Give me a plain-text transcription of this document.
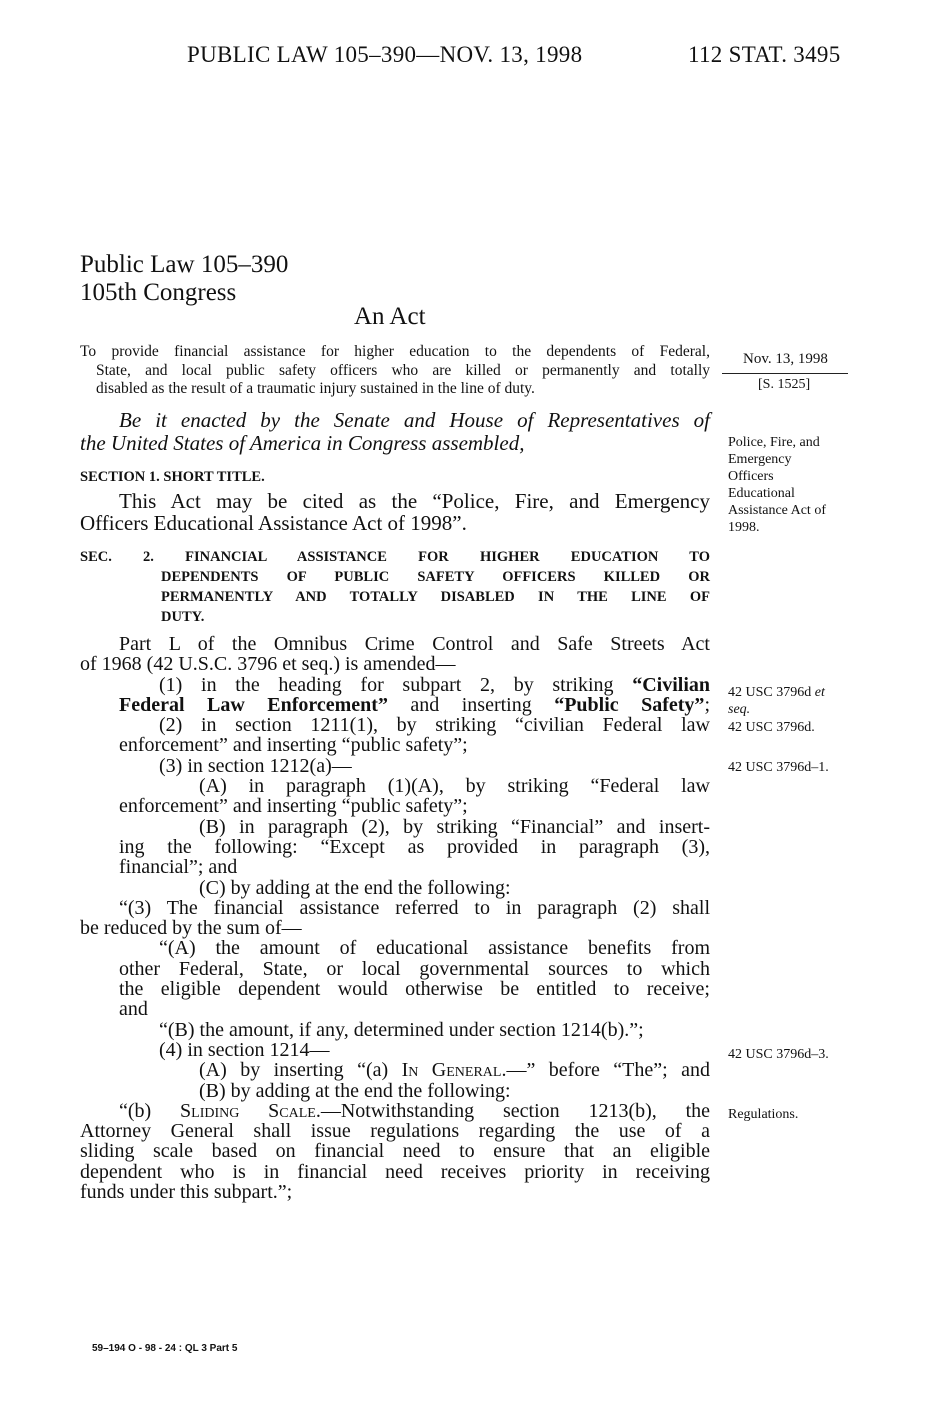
PUBLIC LAW 105–390—NOV. 13, 1998	112 STAT. 3495
Public Law 105–390
105th Congress
An Act
To provide financial assistance for higher education to the dependents of Federal,
State, and local public safety officers who are killed or permanently and totally
disabled as the result of a traumatic injury sustained in the line of duty.
Nov. 13, 1998
[S. 1525]
Police, Fire, and
Emergency
Officers
Educational
Assistance Act of
1998.
42 USC 3796d et
seq.
42 USC 3796d.
42 USC 3796d–1.
42 USC 3796d–3.
Regulations.
Be it enacted by the Senate and House of Representatives of
the United States of America in Congress assembled,
SECTION 1. SHORT TITLE.
This Act may be cited as the “Police, Fire, and Emergency
Officers Educational Assistance Act of 1998”.
SEC. 2. FINANCIAL ASSISTANCE FOR HIGHER EDUCATION TO
DEPENDENTS OF PUBLIC SAFETY OFFICERS KILLED OR
PERMANENTLY AND TOTALLY DISABLED IN THE LINE OF
DUTY.
Part L of the Omnibus Crime Control and Safe Streets Act
of 1968 (42 U.S.C. 3796 et seq.) is amended—
(1) in the heading for subpart 2, by striking “Civilian
Federal Law Enforcement” and inserting “Public Safety”;
(2) in section 1211(1), by striking “civilian Federal law
enforcement” and inserting “public safety”;
(3) in section 1212(a)—
(A) in paragraph (1)(A), by striking “Federal law
enforcement” and inserting “public safety”;
(B) in paragraph (2), by striking “Financial” and insert-
ing the following: “Except as provided in paragraph (3),
financial”; and
(C) by adding at the end the following:
“(3) The financial assistance referred to in paragraph (2) shall
be reduced by the sum of—
“(A) the amount of educational assistance benefits from
other Federal, State, or local governmental sources to which
the eligible dependent would otherwise be entitled to receive;
and
“(B) the amount, if any, determined under section 1214(b).”;
(4) in section 1214—
(A) by inserting “(a) In General.—” before “The”; and
(B) by adding at the end the following:
“(b) Sliding Scale.—Notwithstanding section 1213(b), the
Attorney General shall issue regulations regarding the use of a
sliding scale based on financial need to ensure that an eligible
dependent who is in financial need receives priority in receiving
funds under this subpart.”;
59–194 O - 98 - 24 : QL 3 Part 5
